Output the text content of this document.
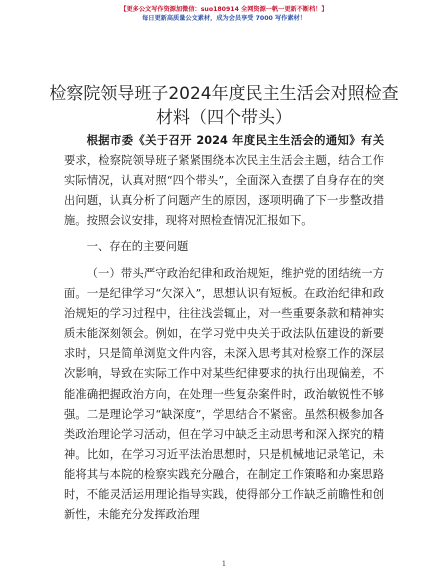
【更多公文写作资源加微信：suo180914 全网资源一帆一更新不断档！】
每日更新高质量公文素材，成为会员享受 7000 写作素材！
检察院领导班子2024年度民主生活会对照检查
材料（四个带头）

根据市委《关于召开 2024 年度民主生活会的通知》有关要求，检察院领导班子紧紧围绕本次民主生活会主题，结合工作实际情况，认真对照“四个带头”，全面深入查摆了自身存在的突出问题，认真分析了问题产生的原因，逐项明确了下一步整改措施。按照会议安排，现将对照检查情况汇报如下。

一、存在的主要问题

（一）带头严守政治纪律和政治规矩，维护党的团结统一方面。一是纪律学习“欠深入”，思想认识有短板。在政治纪律和政治规矩的学习过程中，往往浅尝辄止，对一些重要条款和精神实质未能深刻领会。例如，在学习党中央关于政法队伍建设的新要求时，只是简单浏览文件内容，未深入思考其对检察工作的深层次影响，导致在实际工作中对某些纪律要求的执行出现偏差，不能准确把握政治方向，在处理一些复杂案件时，政治敏锐性不够强。二是理论学习“缺深度”，学思结合不紧密。虽然积极参加各类政治理论学习活动，但在学习中缺乏主动思考和深入探究的精神。比如，在学习习近平法治思想时，只是机械地记录笔记，未能将其与本院的检察实践充分融合，在制定工作策略和办案思路时，不能灵活运用理论指导实践，使得部分工作缺乏前瞻性和创新性，未能充分发挥政治理

1
